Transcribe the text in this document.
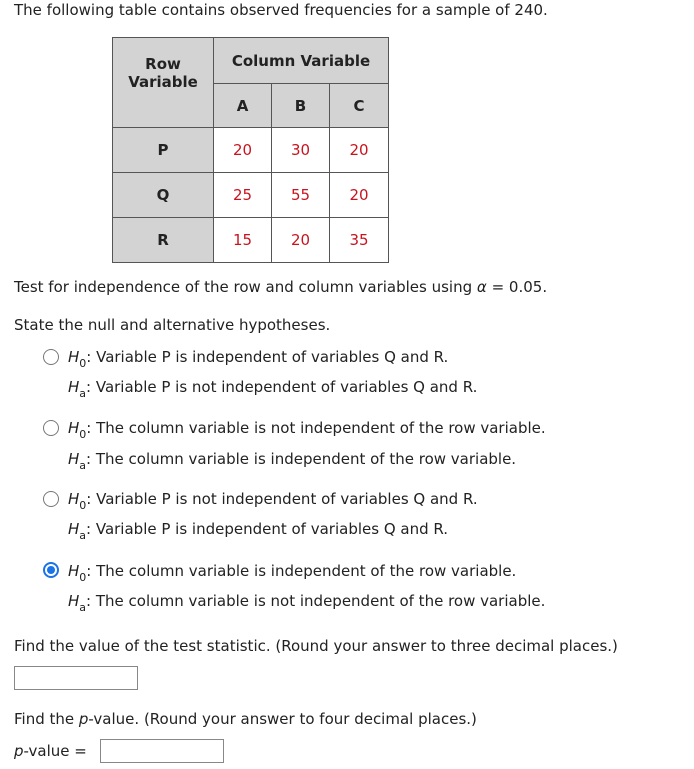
The following table contains observed frequencies for a sample of 240.
Row
Variable	Column Variable		
	A	B	C
P	20	30	20
Q	25	55	20
R	15	20	35
Test for independence of the row and column variables using α = 0.05.
State the null and alternative hypotheses.
$H_0$: Variable P is independent of variables Q and R.
$H_a$: Variable P is not independent of variables Q and R.
$H_0$: The column variable is not independent of the row variable.
$H_a$: The column variable is independent of the row variable.
$H_0$: Variable P is not independent of variables Q and R.
$H_a$: Variable P is independent of variables Q and R.
$H_0$: The column variable is independent of the row variable.
$H_a$: The column variable is not independent of the row variable.
Find the value of the test statistic. (Round your answer to three decimal places.)
Find the p-value. (Round your answer to four decimal places.)
p-value =
